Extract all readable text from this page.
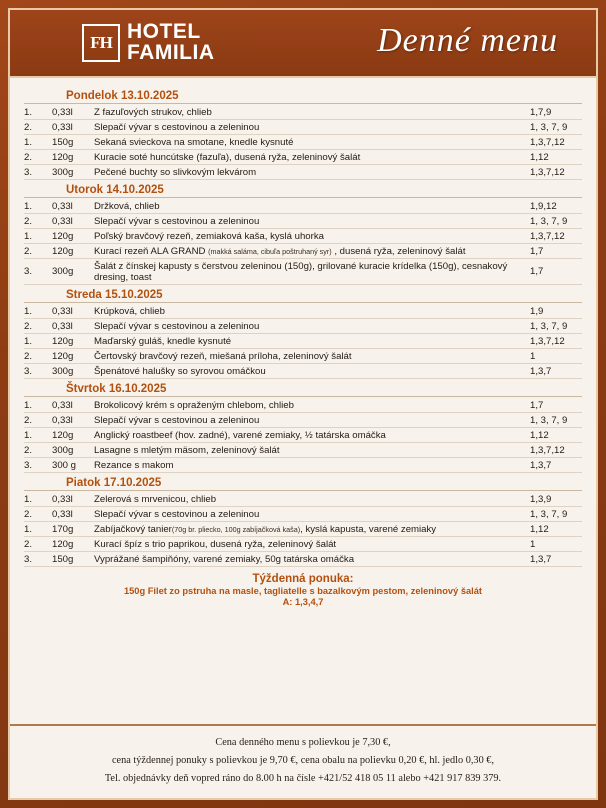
FH HOTEL
FAMILIA	Denné menu
Pondelok 13.10.2025
1.	0,33l	Z fazuľových strukov, chlieb	1,7,9
2.	0,33l	Slepačí vývar s cestovinou a zeleninou	1, 3, 7, 9
1.	150g	Sekaná svieckova na smotane, knedle kysnuté	1,3,7,12
2.	120g	Kuracie soté huncútske (fazuľa), dusená ryža, zeleninový šalát	1,12
3.	300g	Pečené buchty so slivkovým lekvárom	1,3,7,12
Utorok 14.10.2025
1.	0,33l	Držková, chlieb	1,9,12
2.	0,33l	Slepačí vývar s cestovinou a zeleninou	1, 3, 7, 9
1.	120g	Poľský bravčový rezeň, zemiaková kaša, kyslá uhorka	1,3,7,12
2.	120g	Kurací rezeň ALA GRAND (makká saláma, cibuľa poštruhaný syr) , dusená ryža, zeleninový šalát	1,7
3.	300g	Šalát z čínskej kapusty s čerstvou zeleninou (150g), grilované kuracie krídelka (150g), cesnakový dresing, toast	1,7
Streda 15.10.2025
1.	0,33l	Krúpková, chlieb	1,9
2.	0,33l	Slepačí vývar s cestovinou a zeleninou	1, 3, 7, 9
1.	120g	Maďarský guláš, knedle kysnuté	1,3,7,12
2.	120g	Čertovský bravčový rezeň, miešaná príloha, zeleninový šalát	1
3.	300g	Špenátové halušky so syrovou omáčkou	1,3,7
Štvrtok 16.10.2025
1.	0,33l	Brokolicový krém s opraženým chlebom, chlieb	1,7
2.	0,33l	Slepačí vývar s cestovinou a zeleninou	1, 3, 7, 9
1.	120g	Anglický roastbeef (hov. zadné), varené zemiaky, ½ tatárska omáčka	1,12
2.	300g	Lasagne s mletým mäsom, zeleninový šalát	1,3,7,12
3.	300 g	Rezance s makom	1,3,7
Piatok 17.10.2025
1.	0,33l	Zelerová s mrvenicou, chlieb	1,3,9
2.	0,33l	Slepačí vývar s cestovinou a zeleninou	1, 3, 7, 9
1.	170g	Zabíjačkový tanier(70g br. pliecko, 100g zabíjačková kaša), kyslá kapusta, varené zemiaky	1,12
2.	120g	Kurací špíz s trio paprikou, dusená ryža, zeleninový šalát	1
3.	150g	Vyprážané šampiňóny, varené zemiaky, 50g tatárska omáčka	1,3,7
Týždenná ponuka:
150g Filet zo pstruha na masle, tagliatelle s bazalkovým pestom, zeleninový šalát
A: 1,3,4,7
Cena denného menu s polievkou je 7,30 €,
cena týždennej ponuky s polievkou je 9,70 €, cena obalu na polievku 0,20 €, hl. jedlo 0,30 €,
Tel. objednávky deň vopred ráno do 8.00 h na čísle +421/52 418 05 11 alebo +421 917 839 379.
